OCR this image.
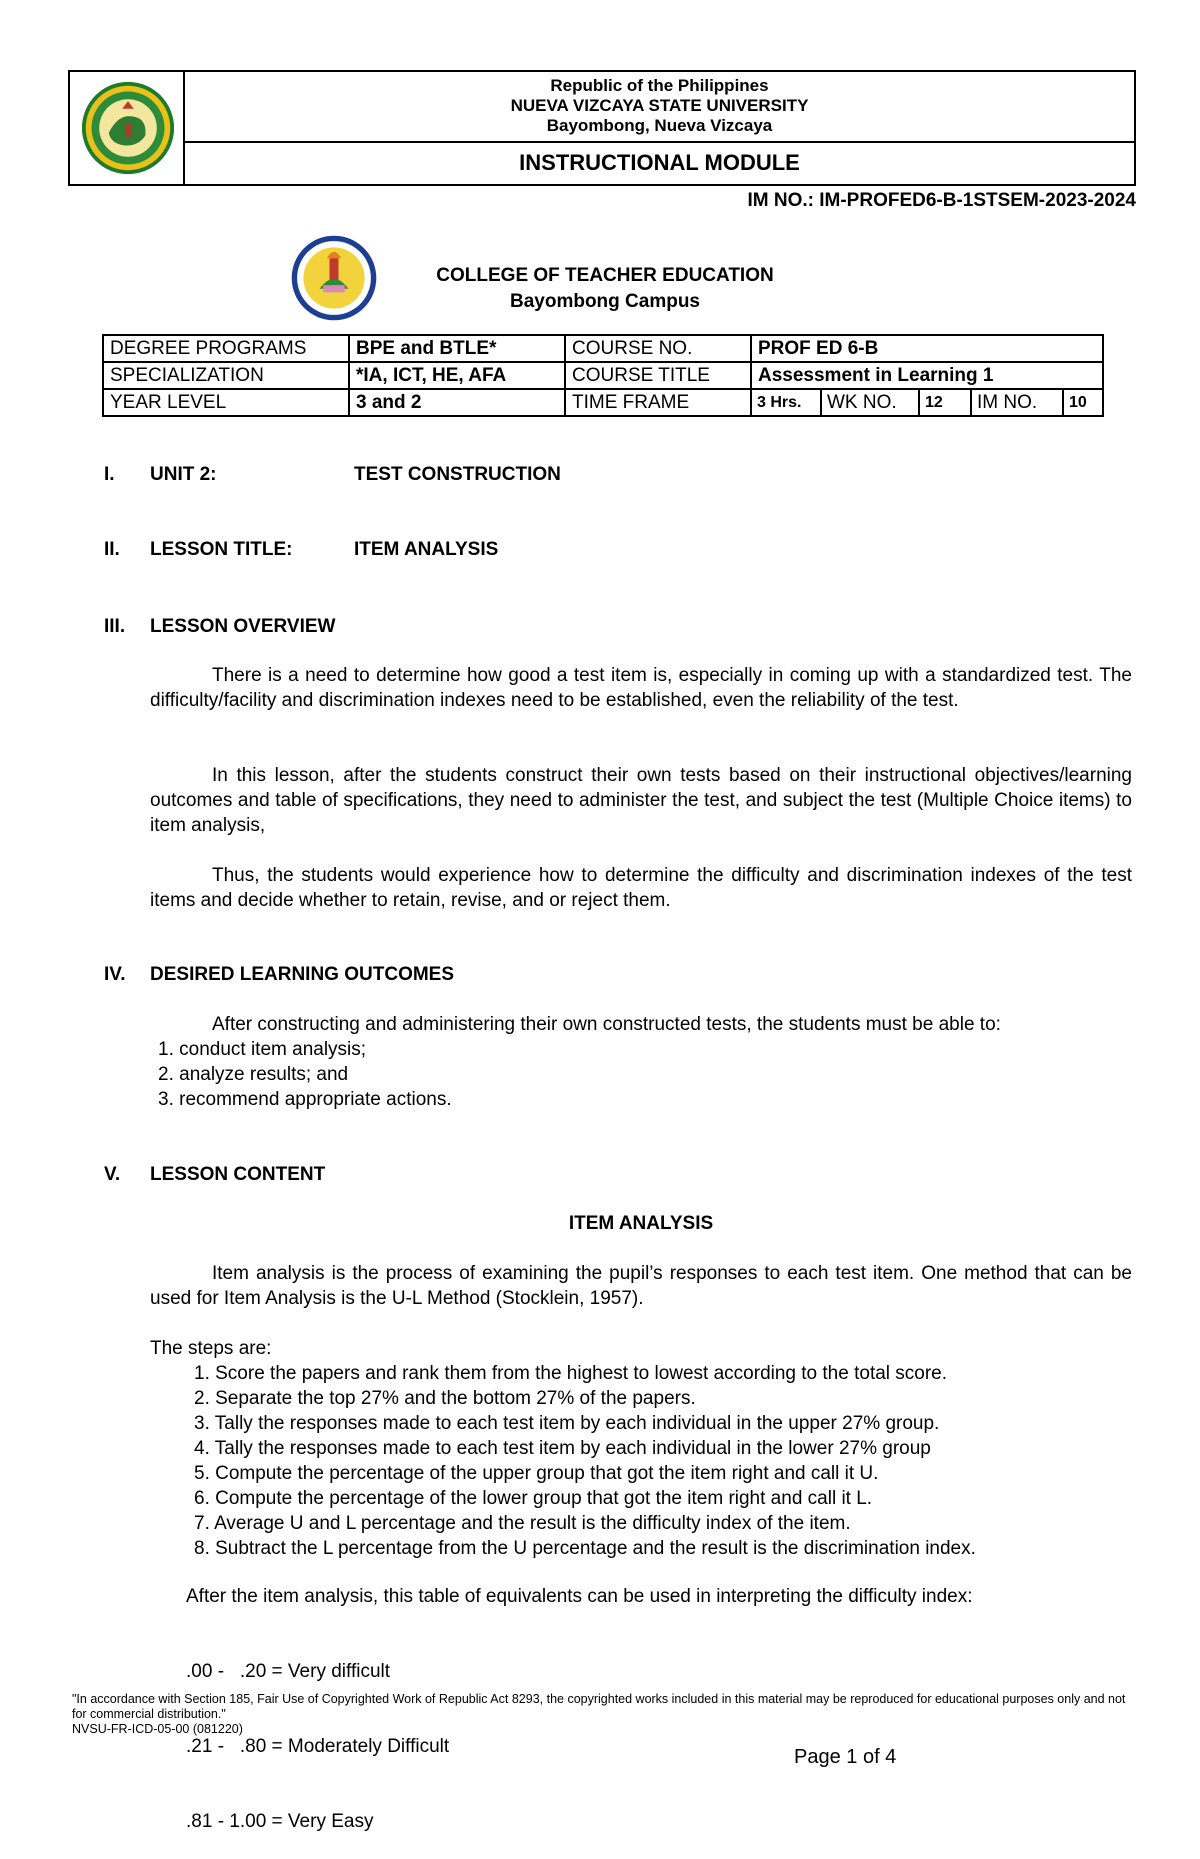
Republic of the Philippines
NUEVA VIZCAYA STATE UNIVERSITY
Bayombong, Nueva Vizcaya
INSTRUCTIONAL MODULE
IM NO.: IM-PROFED6-B-1STSEM-2023-2024
COLLEGE OF TEACHER EDUCATION
Bayombong Campus
DEGREE PROGRAMS	BPE and BTLE*	COURSE NO.	PROF ED 6-B
SPECIALIZATION	*IA, ICT, HE, AFA	COURSE TITLE	Assessment in Learning 1
YEAR LEVEL	3 and 2	TIME FRAME		3 Hrs.	WK NO.	12	IM NO.	10
I. UNIT 2:	TEST CONSTRUCTION
II. LESSON TITLE:	ITEM ANALYSIS
III. LESSON OVERVIEW
There is a need to determine how good a test item is, especially in coming up with a standardized test. The difficulty/facility and discrimination indexes need to be established, even the reliability of the test.
In this lesson, after the students construct their own tests based on their instructional objectives/learning outcomes and table of specifications, they need to administer the test, and subject the test (Multiple Choice items) to item analysis,
Thus, the students would experience how to determine the difficulty and discrimination indexes of the test items and decide whether to retain, revise, and or reject them.
IV. DESIRED LEARNING OUTCOMES
After constructing and administering their own constructed tests, the students must be able to:
1. conduct item analysis;
2. analyze results; and
3. recommend appropriate actions.
V. LESSON CONTENT
ITEM ANALYSIS
Item analysis is the process of examining the pupil’s responses to each test item. One method that can be used for Item Analysis is the U-L Method (Stocklein, 1957).
The steps are:
1. Score the papers and rank them from the highest to lowest according to the total score.
2. Separate the top 27% and the bottom 27% of the papers.
3. Tally the responses made to each test item by each individual in the upper 27% group.
4. Tally the responses made to each test item by each individual in the lower 27% group
5. Compute the percentage of the upper group that got the item right and call it U.
6. Compute the percentage of the lower group that got the item right and call it L.
7. Average U and L percentage and the result is the difficulty index of the item.
8. Subtract the L percentage from the U percentage and the result is the discrimination index.
After the item analysis, this table of equivalents can be used in interpreting the difficulty index:

.00 -   .20 = Very difficult

.21 -   .80 = Moderately Difficult

.81 - 1.00 = Very Easy

"In accordance with Section 185, Fair Use of Copyrighted Work of Republic Act 8293, the copyrighted works included in this material may be reproduced for educational purposes only and not for commercial distribution."
NVSU-FR-ICD-05-00 (081220)
Page 1 of 4
